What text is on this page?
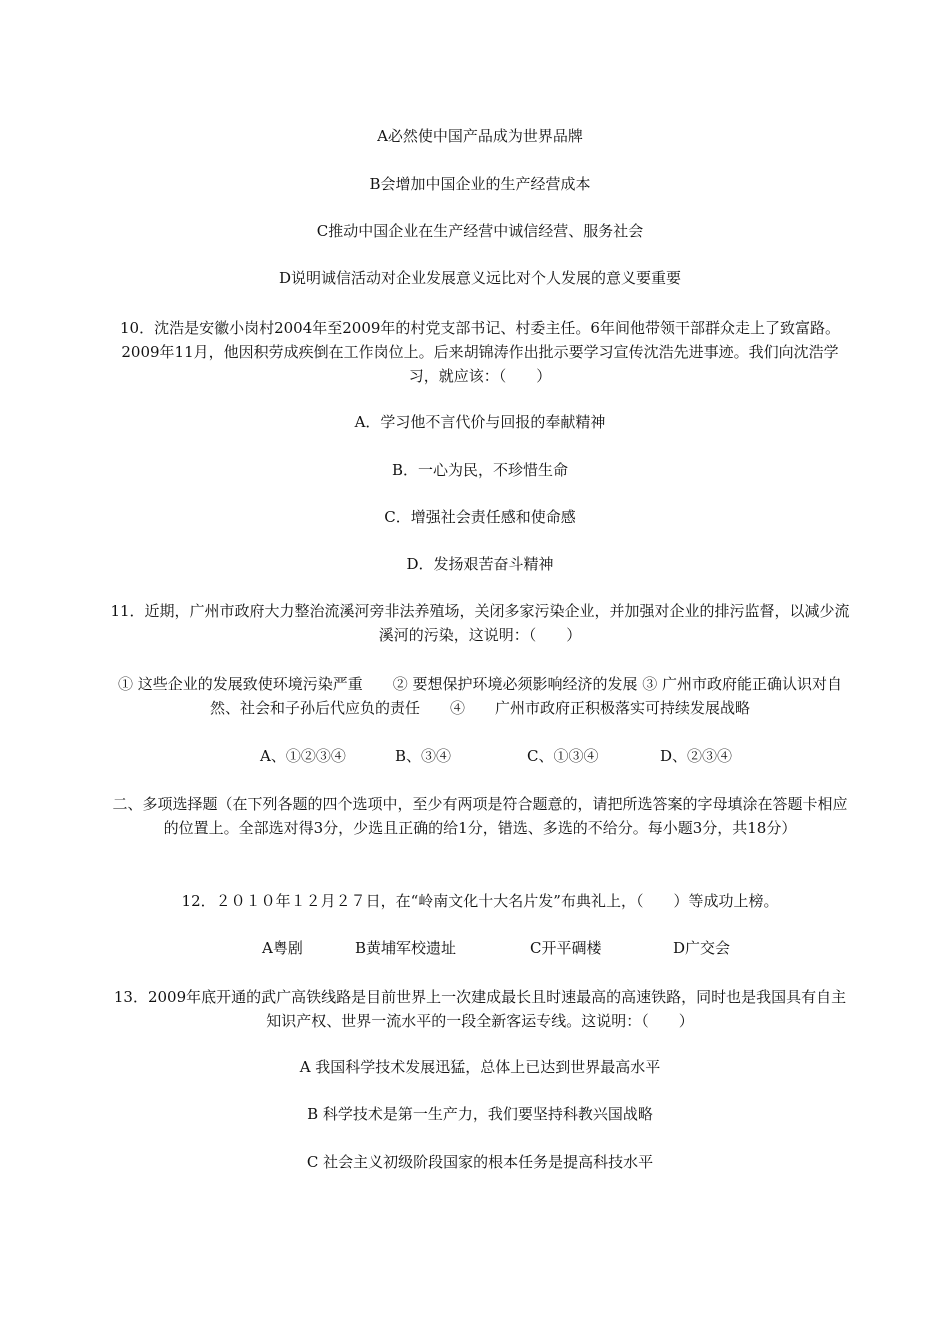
A必然使中国产品成为世界品牌
B会增加中国企业的生产经营成本
C推动中国企业在生产经营中诚信经营、服务社会
D说明诚信活动对企业发展意义远比对个人发展的意义要重要
10．沈浩是安徽小岗村2004年至2009年的村党支部书记、村委主任。6年间他带领干部群众走上了致富路。2009年11月，他因积劳成疾倒在工作岗位上。后来胡锦涛作出批示要学习宣传沈浩先进事迹。我们向沈浩学习，就应该：（　　）
A．学习他不言代价与回报的奉献精神
B．一心为民，不珍惜生命
C．增强社会责任感和使命感
D．发扬艰苦奋斗精神
11．近期，广州市政府大力整治流溪河旁非法养殖场，关闭多家污染企业，并加强对企业的排污监督，以减少流溪河的污染，这说明：（　　）
① 这些企业的发展致使环境污染严重　　② 要想保护环境必须影响经济的发展 ③ 广州市政府能正确认识对自然、社会和子孙后代应负的责任　　④　　广州市政府正积极落实可持续发展战略
A、①②③④	B、③④	C、①③④	D、②③④
二、多项选择题（在下列各题的四个选项中，至少有两项是符合题意的，请把所选答案的字母填涂在答题卡相应的位置上。全部选对得3分，少选且正确的给1分，错选、多选的不给分。每小题3分，共18分）
12．２０１０年１２月２７日，在“岭南文化十大名片发”布典礼上，（　　）等成功上榜。
A粤剧	B黄埔军校遗址	C开平碉楼	D广交会
13．2009年底开通的武广高铁线路是目前世界上一次建成最长且时速最高的高速铁路，同时也是我国具有自主知识产权、世界一流水平的一段全新客运专线。这说明：（　　）
A 我国科学技术发展迅猛，总体上已达到世界最高水平
B 科学技术是第一生产力，我们要坚持科教兴国战略
C 社会主义初级阶段国家的根本任务是提高科技水平
